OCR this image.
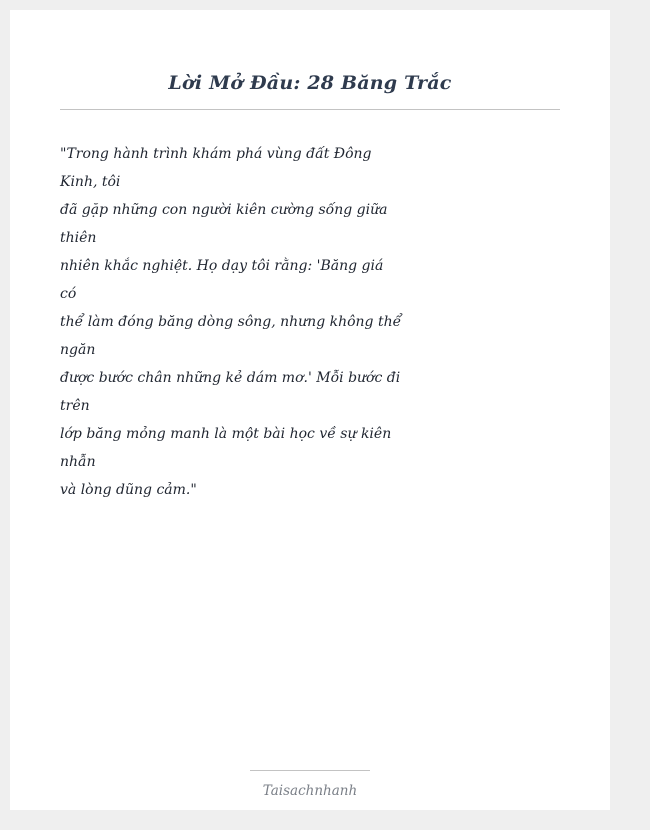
Lời Mở Đầu: 28 Băng Trắc
"Trong hành trình khám phá vùng đất Đông
Kinh, tôi
đã gặp những con người kiên cường sống giữa
thiên
nhiên khắc nghiệt. Họ dạy tôi rằng: 'Băng giá
có
thể làm đóng băng dòng sông, nhưng không thể
ngăn
được bước chân những kẻ dám mơ.' Mỗi bước đi
trên
lớp băng mỏng manh là một bài học về sự kiên
nhẫn
và lòng dũng cảm."
Taisachnhanh
